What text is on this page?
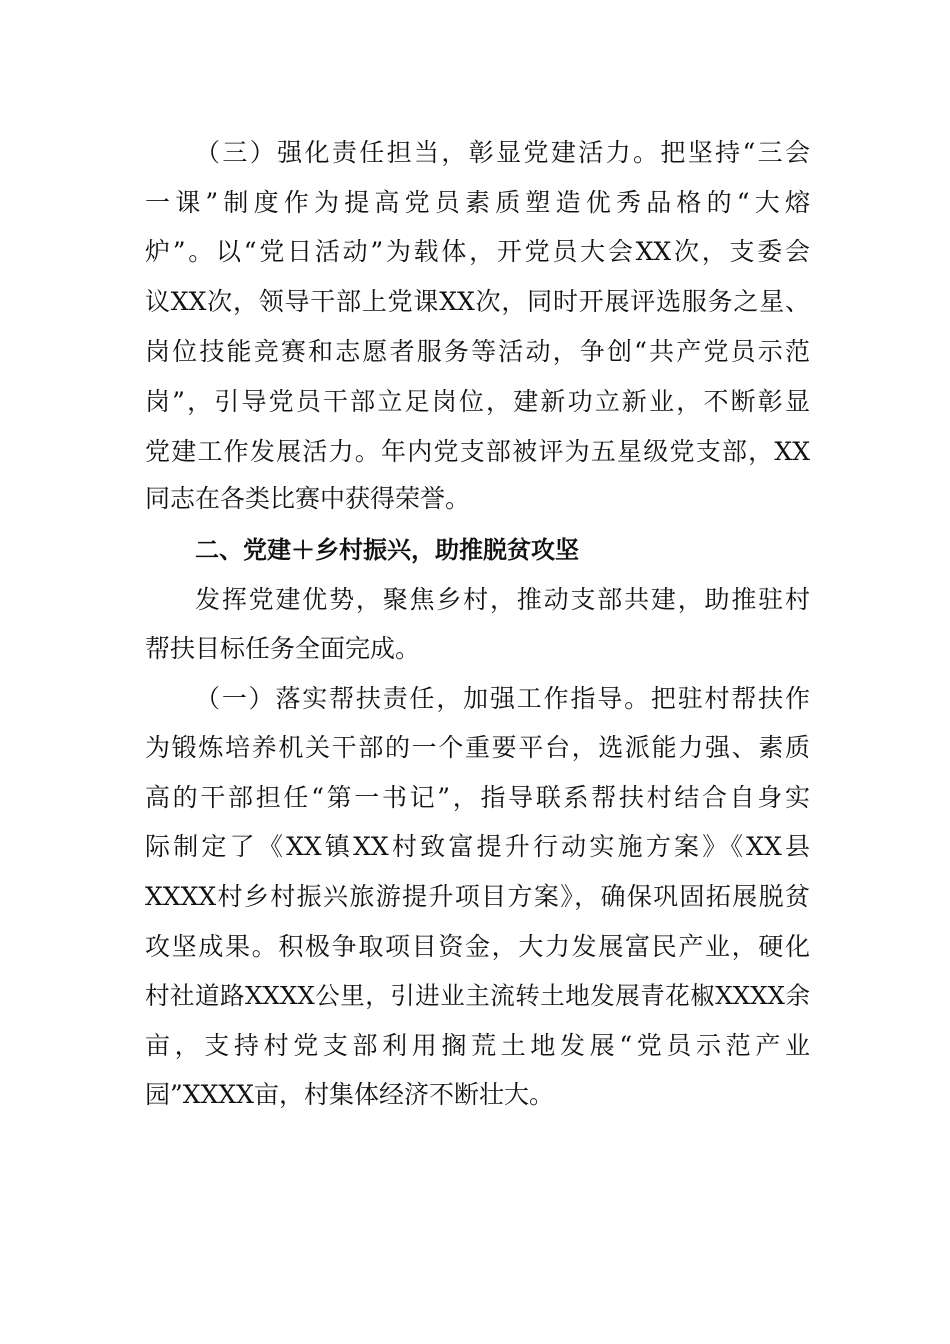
（三）强化责任担当，彰显党建活力。把坚持“三会
一课”制度作为提高党员素质塑造优秀品格的“大熔
炉”。以“党日活动”为载体，开党员大会XX次，支委会
议XX次，领导干部上党课XX次，同时开展评选服务之星、
岗位技能竞赛和志愿者服务等活动，争创“共产党员示范
岗”，引导党员干部立足岗位，建新功立新业，不断彰显
党建工作发展活力。年内党支部被评为五星级党支部，XX
同志在各类比赛中获得荣誉。
二、党建＋乡村振兴，助推脱贫攻坚
发挥党建优势，聚焦乡村，推动支部共建，助推驻村
帮扶目标任务全面完成。
（一）落实帮扶责任，加强工作指导。把驻村帮扶作
为锻炼培养机关干部的一个重要平台，选派能力强、素质
高的干部担任“第一书记”，指导联系帮扶村结合自身实
际制定了《XX镇XX村致富提升行动实施方案》《XX县
XXXX村乡村振兴旅游提升项目方案》，确保巩固拓展脱贫
攻坚成果。积极争取项目资金，大力发展富民产业，硬化
村社道路XXXX公里，引进业主流转土地发展青花椒XXXX余
亩，支持村党支部利用搁荒土地发展“党员示范产业
园”XXXX亩，村集体经济不断壮大。
